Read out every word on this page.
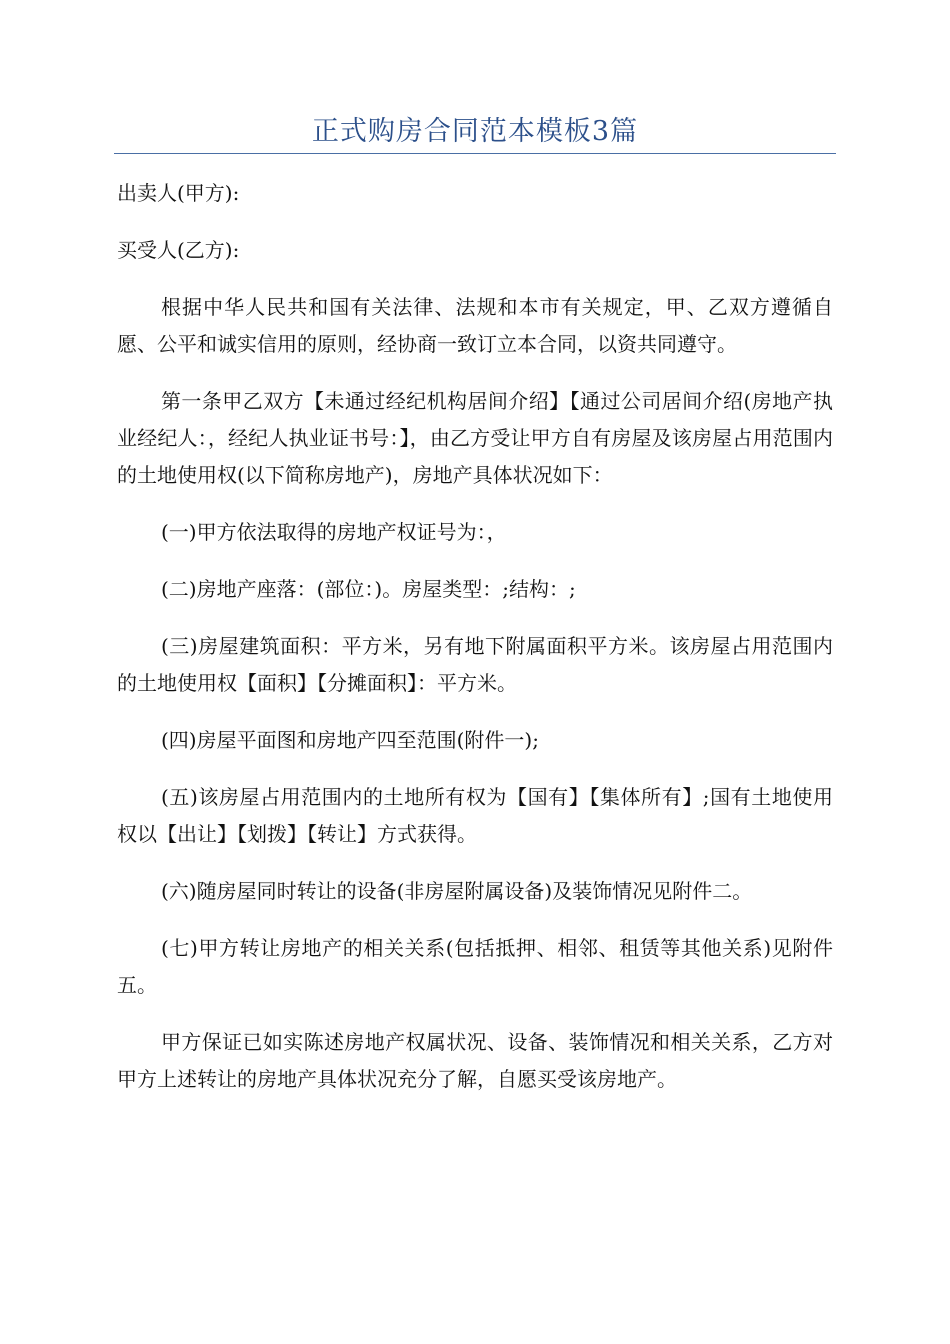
正式购房合同范本模板3篇

出卖人(甲方):

买受人(乙方):

根据中华人民共和国有关法律、法规和本市有关规定，甲、乙双方遵循自愿、公平和诚实信用的原则，经协商一致订立本合同，以资共同遵守。

第一条甲乙双方【未通过经纪机构居间介绍】【通过公司居间介绍(房地产执业经纪人：，经纪人执业证书号：】，由乙方受让甲方自有房屋及该房屋占用范围内的土地使用权(以下简称房地产)，房地产具体状况如下：

(一)甲方依法取得的房地产权证号为：，

(二)房地产座落：(部位：)。房屋类型：;结构：;

(三)房屋建筑面积：平方米，另有地下附属面积平方米。该房屋占用范围内的土地使用权【面积】【分摊面积】：平方米。

(四)房屋平面图和房地产四至范围(附件一);

(五)该房屋占用范围内的土地所有权为【国有】【集体所有】;国有土地使用权以【出让】【划拨】【转让】方式获得。

(六)随房屋同时转让的设备(非房屋附属设备)及装饰情况见附件二。

(七)甲方转让房地产的相关关系(包括抵押、相邻、租赁等其他关系)见附件五。

甲方保证已如实陈述房地产权属状况、设备、装饰情况和相关关系，乙方对甲方上述转让的房地产具体状况充分了解，自愿买受该房地产。
